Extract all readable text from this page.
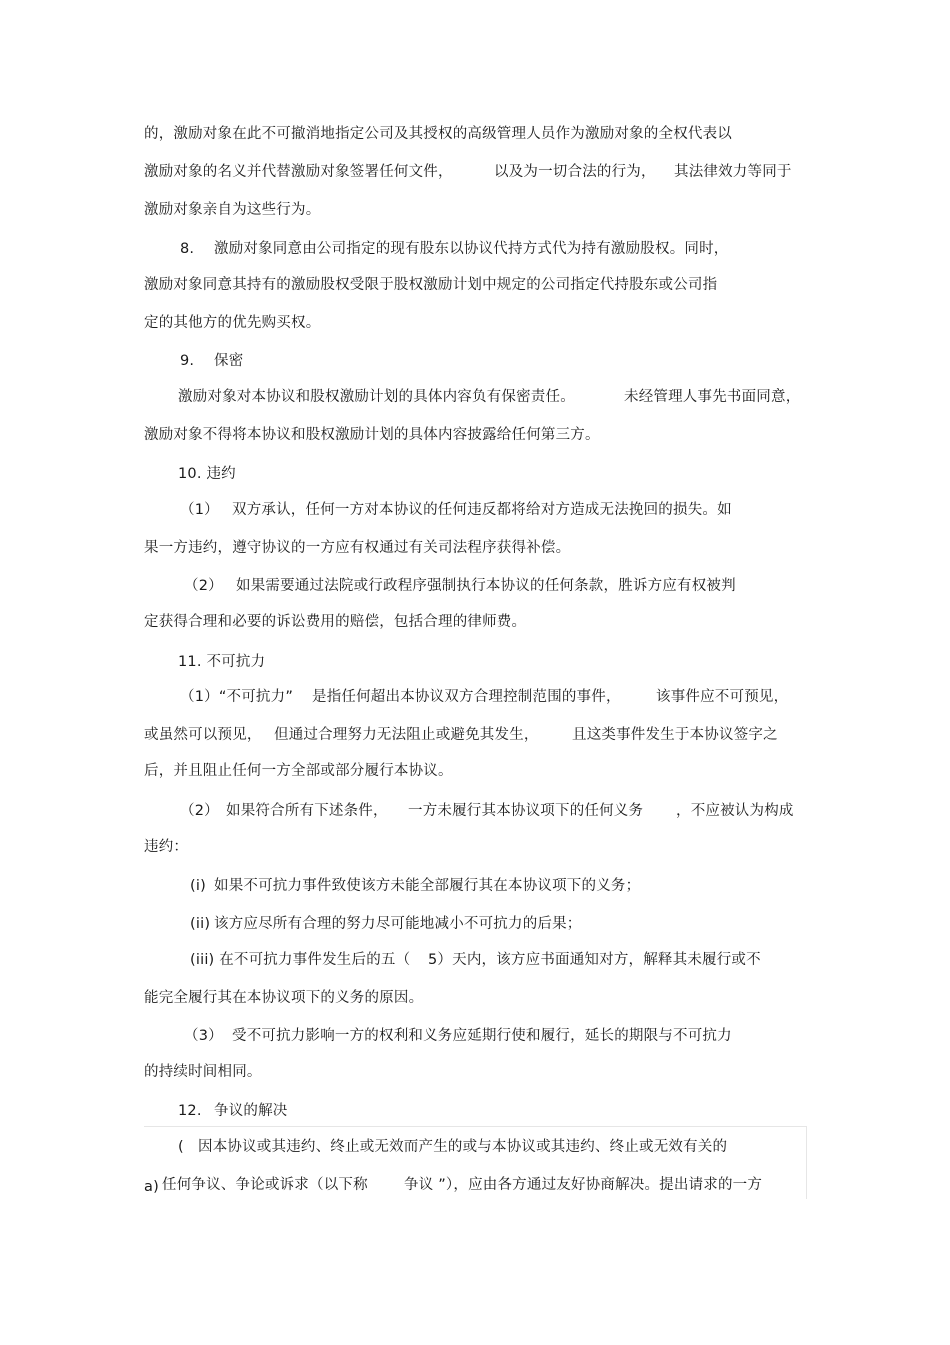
的，激励对象在此不可撤消地指定公司及其授权的高级管理人员作为激励对象的全权代表以
激励对象的名义并代替激励对象签署任何文件，	以及为一切合法的行为， 其法律效力等同于
激励对象亲自为这些行为。
8. 激励对象同意由公司指定的现有股东以协议代持方式代为持有激励股权。同时，
激励对象同意其持有的激励股权受限于股权激励计划中规定的公司指定代持股东或公司指
定的其他方的优先购买权。
9. 保密
激励对象对本协议和股权激励计划的具体内容负有保密责任。	未经管理人事先书面同意，
激励对象不得将本协议和股权激励计划的具体内容披露给任何第三方。
10. 违约
（1） 双方承认，任何一方对本协议的任何违反都将给对方造成无法挽回的损失。如
果一方违约，遵守协议的一方应有权通过有关司法程序获得补偿。
（2） 如果需要通过法院或行政程序强制执行本协议的任何条款，胜诉方应有权被判
定获得合理和必要的诉讼费用的赔偿，包括合理的律师费。
11. 不可抗力
（1）“不可抗力” 是指任何超出本协议双方合理控制范围的事件， 该事件应不可预见，
或虽然可以预见， 但通过合理努力无法阻止或避免其发生， 且这类事件发生于本协议签字之
后，并且阻止任何一方全部或部分履行本协议。
（2） 如果符合所有下述条件， 一方未履行其本协议项下的任何义务 ，不应被认为构成
违约：
(i) 如果不可抗力事件致使该方未能全部履行其在本协议项下的义务；
(ii) 该方应尽所有合理的努力尽可能地减小不可抗力的后果；
(iii) 在不可抗力事件发生后的五（ 5）天内，该方应书面通知对方，解释其未履行或不
能完全履行其在本协议项下的义务的原因。
（3） 受不可抗力影响一方的权利和义务应延期行使和履行，延长的期限与不可抗力
的持续时间相同。
12. 争议的解决
( 因本协议或其违约、终止或无效而产生的或与本协议或其违约、终止或无效有关的
a) 任何争议、争论或诉求（以下称 争议 ”），应由各方通过友好协商解决。提出请求的一方
